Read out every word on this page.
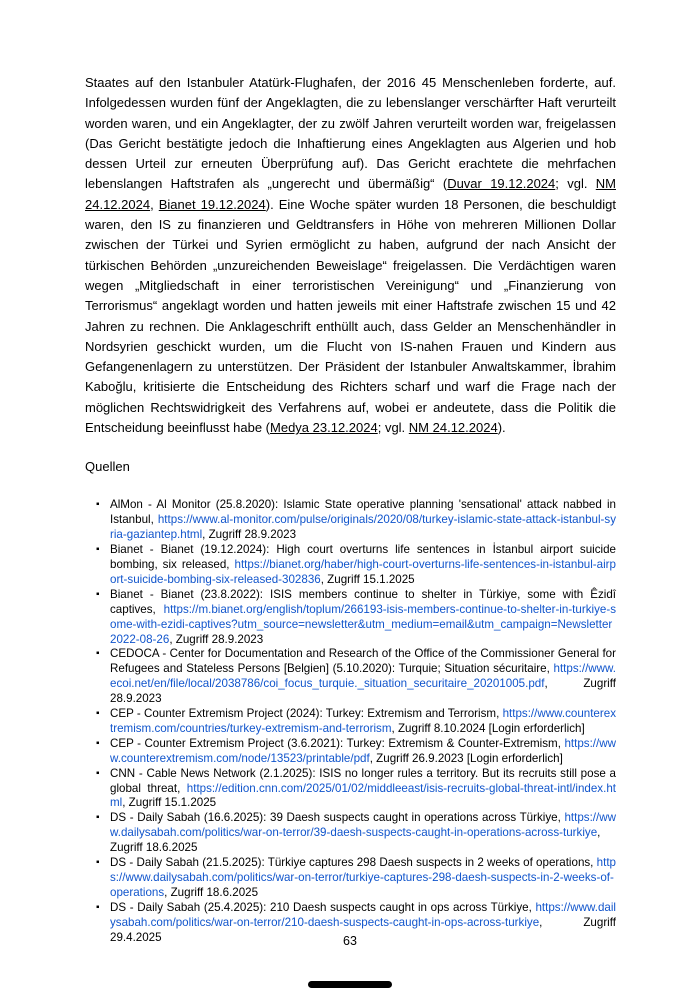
Staates auf den Istanbuler Atatürk-Flughafen, der 2016 45 Menschenleben forderte, auf. Infolgedessen wurden fünf der Angeklagten, die zu lebenslanger verschärfter Haft verurteilt worden waren, und ein Angeklagter, der zu zwölf Jahren verurteilt worden war, freigelassen (Das Gericht bestätigte jedoch die Inhaftierung eines Angeklagten aus Algerien und hob dessen Urteil zur erneuten Überprüfung auf). Das Gericht erachtete die mehrfachen lebenslangen Haftstrafen als „ungerecht und übermäßig“ (Duvar 19.12.2024; vgl. NM 24.12.2024, Bianet 19.12.2024). Eine Woche später wurden 18 Personen, die beschuldigt waren, den IS zu finanzieren und Geldtransfers in Höhe von mehreren Millionen Dollar zwischen der Türkei und Syrien ermöglicht zu haben, aufgrund der nach Ansicht der türkischen Behörden „unzureichenden Beweislage“ freigelassen. Die Verdächtigen waren wegen „Mitgliedschaft in einer terroristischen Vereinigung“ und „Finanzierung von Terrorismus“ angeklagt worden und hatten jeweils mit einer Haftstrafe zwischen 15 und 42 Jahren zu rechnen. Die Anklageschrift enthüllt auch, dass Gelder an Menschenhändler in Nordsyrien geschickt wurden, um die Flucht von IS-nahen Frauen und Kindern aus Gefangenenlagern zu unterstützen. Der Präsident der Istanbuler Anwaltskammer, İbrahim Kaboğlu, kritisierte die Entscheidung des Richters scharf und warf die Frage nach der möglichen Rechtswidrigkeit des Verfahrens auf, wobei er andeutete, dass die Politik die Entscheidung beeinflusst habe (Medya 23.12.2024; vgl. NM 24.12.2024).

Quellen

▪ AlMon - Al Monitor (25.8.2020): Islamic State operative planning 'sensational' attack nabbed in Istanbul, https://www.al-monitor.com/pulse/originals/2020/08/turkey-islamic-state-attack-istanbul-syria-gaziantep.html, Zugriff 28.9.2023
▪ Bianet - Bianet (19.12.2024): High court overturns life sentences in İstanbul airport suicide bombing, six released, https://bianet.org/haber/high-court-overturns-life-sentences-in-istanbul-airport-suicide-bombing-six-released-302836, Zugriff 15.1.2025
▪ Bianet - Bianet (23.8.2022): ISIS members continue to shelter in Türkiye, some with Êzidî captives, https://m.bianet.org/english/toplum/266193-isis-members-continue-to-shelter-in-turkiye-some-with-ezidi-captives?utm_source=newsletter&utm_medium=email&utm_campaign=Newsletter 2022-08-26, Zugriff 28.9.2023
▪ CEDOCA - Center for Documentation and Research of the Office of the Commissioner General for Refugees and Stateless Persons [Belgien] (5.10.2020): Turquie; Situation sécuritaire, https://www.ecoi.net/en/file/local/2038786/coi_focus_turquie._situation_securitaire_20201005.pdf, Zugriff 28.9.2023
▪ CEP - Counter Extremism Project (2024): Turkey: Extremism and Terrorism, https://www.counterextremism.com/countries/turkey-extremism-and-terrorism, Zugriff 8.10.2024 [Login erforderlich]
▪ CEP - Counter Extremism Project (3.6.2021): Turkey: Extremism & Counter-Extremism, https://www.counterextremism.com/node/13523/printable/pdf, Zugriff 26.9.2023 [Login erforderlich]
▪ CNN - Cable News Network (2.1.2025): ISIS no longer rules a territory. But its recruits still pose a global threat, https://edition.cnn.com/2025/01/02/middleeast/isis-recruits-global-threat-intl/index.html, Zugriff 15.1.2025
▪ DS - Daily Sabah (16.6.2025): 39 Daesh suspects caught in operations across Türkiye, https://www.dailysabah.com/politics/war-on-terror/39-daesh-suspects-caught-in-operations-across-turkiye, Zugriff 18.6.2025
▪ DS - Daily Sabah (21.5.2025): Türkiye captures 298 Daesh suspects in 2 weeks of operations, https://www.dailysabah.com/politics/war-on-terror/turkiye-captures-298-daesh-suspects-in-2-weeks-of-operations, Zugriff 18.6.2025
▪ DS - Daily Sabah (25.4.2025): 210 Daesh suspects caught in ops across Türkiye, https://www.dailysabah.com/politics/war-on-terror/210-daesh-suspects-caught-in-ops-across-turkiye, Zugriff 29.4.2025	63
